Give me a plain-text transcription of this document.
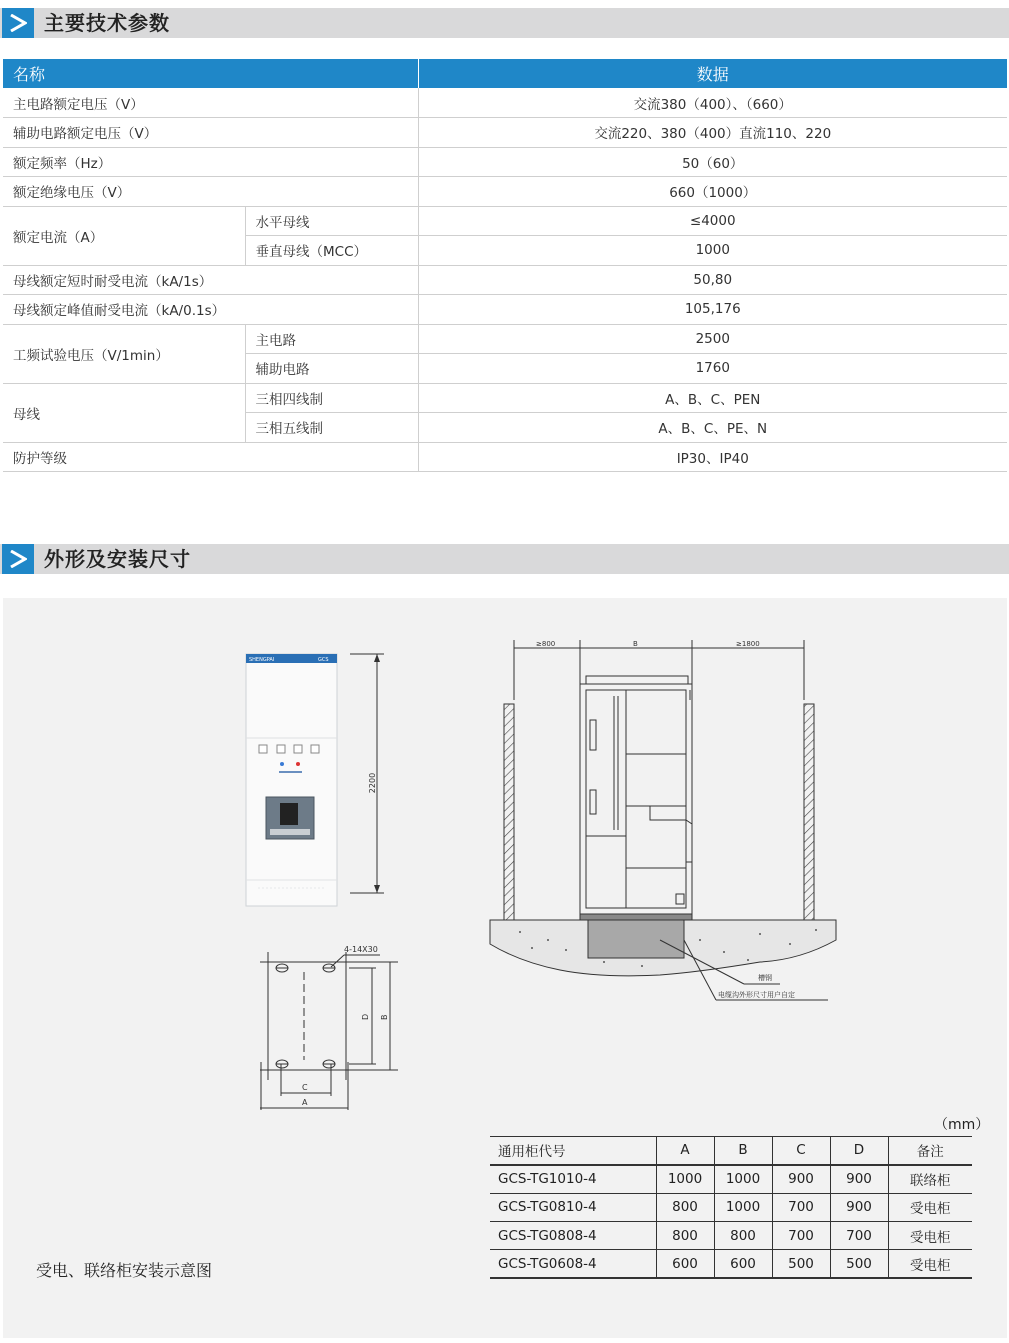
主要技术参数
名称		数据
主电路额定电压（V）		交流380（400）、（660）
辅助电路额定电压（V）		交流220、380（400）直流110、220
额定频率（Hz）		50（60）
额定绝缘电压（V）		660（1000）
额定电流（A）	水平母线	≤4000
	垂直母线（MCC）	1000
母线额定短时耐受电流（kA/1s）		50,80
母线额定峰值耐受电流（kA/0.1s）		105,176
工频试验电压（V/1min）	主电路	2500
	辅助电路	1760
母线	三相四线制	A、B、C、PEN
	三相五线制	A、B、C、PE、N
防护等级		IP30、IP40
外形及安装尺寸
SHENGPAI	GCS
2200
4-14X30
C
A
D B
≥800	B	≥1800
槽钢
电缆沟外形尺寸用户自定
受电、联络柜安装示意图
（mm）
通用柜代号	A	B	C	D	备注
GCS-TG1010-4	1000	1000	900	900	联络柜
GCS-TG0810-4	800	1000	700	900	受电柜
GCS-TG0808-4	800	800	700	700	受电柜
GCS-TG0608-4	600	600	500	500	受电柜
